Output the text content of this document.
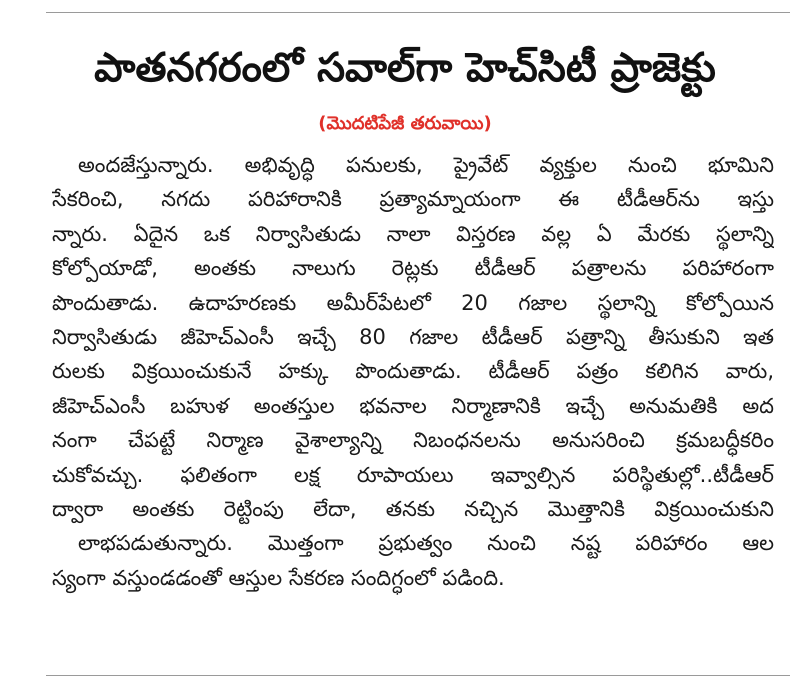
పాతనగరంలో సవాల్‌గా హెచ్‌సిటీ ప్రాజెక్టు
(మొదటిపేజీ తరువాయి)
అందజేస్తున్నారు. అభివృద్ధి పనులకు, ప్రైవేట్ వ్యక్తుల నుంచి భూమిని
సేకరించి, నగదు పరిహారానికి ప్రత్యామ్నాయంగా ఈ టీడీఆర్‌ను ఇస్తు
న్నారు. ఏదైన ఒక నిర్వాసితుడు నాలా విస్తరణ వల్ల ఏ మేరకు స్థలాన్ని
కోల్పోయాడో, అంతకు నాలుగు రెట్లకు టీడీఆర్ పత్రాలను పరిహారంగా
పొందుతాడు. ఉదాహరణకు అమీర్‌పేటలో 20 గజాల స్థలాన్ని కోల్పోయిన
నిర్వాసితుడు జీహెచ్ఎంసీ ఇచ్చే 80 గజాల టీడీఆర్ పత్రాన్ని తీసుకుని ఇత
రులకు విక్రయించుకునే హక్కు పొందుతాడు. టీడీఆర్ పత్రం కలిగిన వారు,
జీహెచ్ఎంసీ బహుళ అంతస్తుల భవనాల నిర్మాణానికి ఇచ్చే అనుమతికి అద
నంగా చేపట్టే నిర్మాణ వైశాల్యాన్ని నిబంధనలను అనుసరించి క్రమబద్ధీకరిం
చుకోవచ్చు. ఫలితంగా లక్ష రూపాయలు ఇవ్వాల్సిన పరిస్థితుల్లో..టీడీఆర్
ద్వారా అంతకు రెట్టింపు లేదా, తనకు నచ్చిన మొత్తానికి విక్రయించుకుని
లాభపడుతున్నారు. మొత్తంగా ప్రభుత్వం నుంచి నష్ట పరిహారం ఆల
స్యంగా వస్తుండడంతో ఆస్తుల సేకరణ సందిగ్ధంలో పడింది.
